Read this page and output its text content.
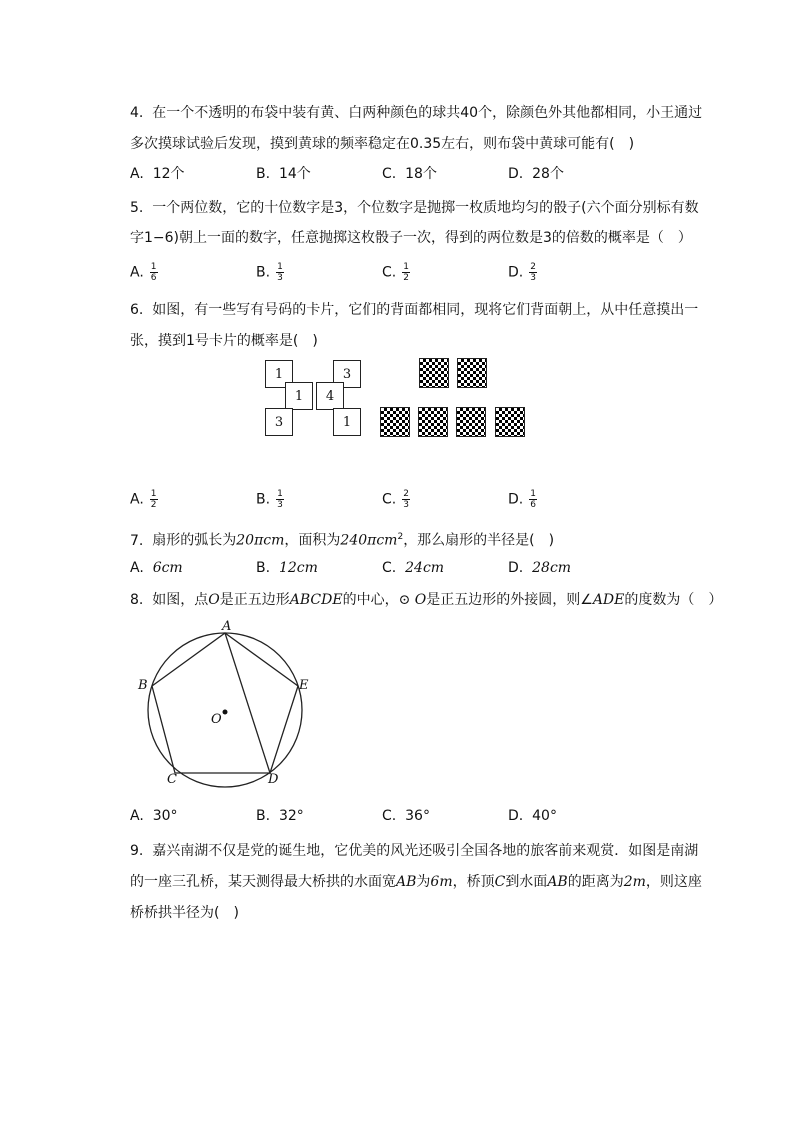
4. 在一个不透明的布袋中装有黄、白两种颜色的球共40个，除颜色外其他都相同，小王通过
多次摸球试验后发现，摸到黄球的频率稳定在0.35左右，则布袋中黄球可能有(　)
A. 12个	B. 14个	C. 18个	D. 28个
5. 一个两位数，它的十位数字是3，个位数字是抛掷一枚质地均匀的骰子(六个面分别标有数
字1−6)朝上一面的数字，任意抛掷这枚骰子一次，得到的两位数是3的倍数的概率是（　）
A. $\frac{1}{6}$	B. $\frac{1}{3}$	C. $\frac{1}{2}$	D. $\frac{2}{3}$
6. 如图，有一些写有号码的卡片，它们的背面都相同，现将它们背面朝上，从中任意摸出一
张，摸到1号卡片的概率是(　)
1	3
1	4
3	1
A. $\frac{1}{2}$	B. $\frac{1}{3}$	C. $\frac{2}{3}$	D. $\frac{1}{6}$
7. 扇形的弧长为20πcm，面积为240πcm$^2$，那么扇形的半径是(　)
A. 6cm	B. 12cm	C. 24cm	D. 28cm
8. 如图，点O是正五边形ABCDE的中心，⊙ O是正五边形的外接圆，则∠ADE的度数为（　）
A
B
C	D
E
O
A. 30°	B. 32°	C. 36°	D. 40°
9. 嘉兴南湖不仅是党的诞生地，它优美的风光还吸引全国各地的旅客前来观赏．如图是南湖
的一座三孔桥，某天测得最大桥拱的水面宽AB为6m，桥顶C到水面AB的距离为2m，则这座
桥桥拱半径为(　)
